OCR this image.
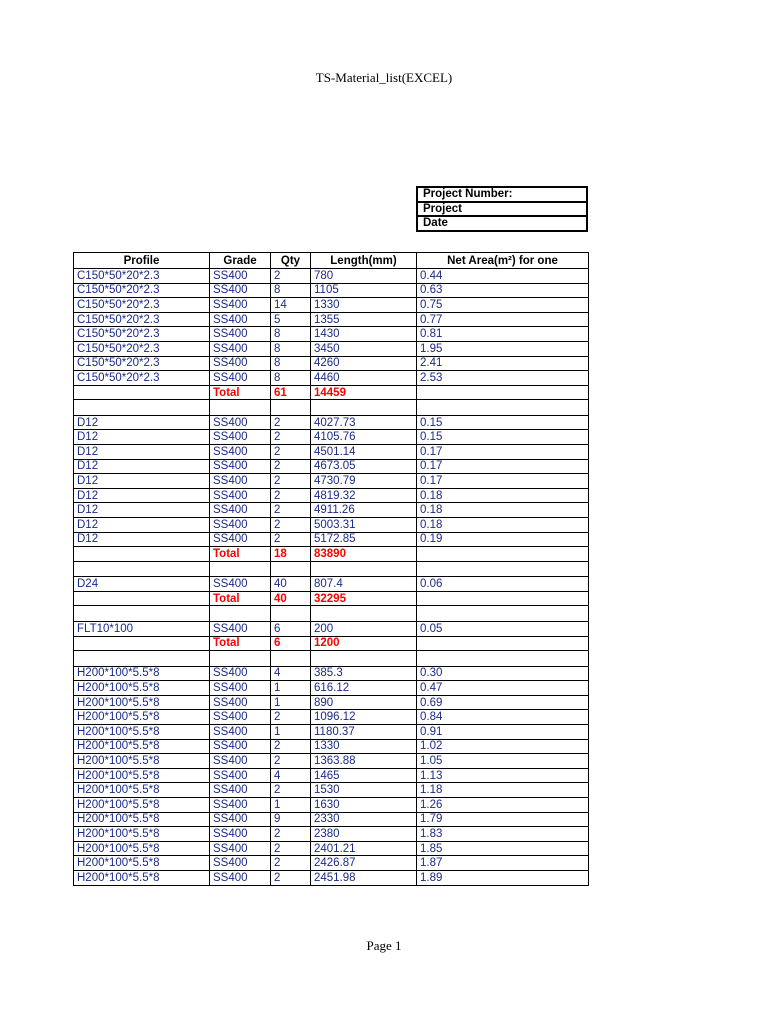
TS-Material_list(EXCEL)
Project Number:
Project
Date
Profile	Grade	Qty	Length(mm)	Net Area(m²) for one
C150*50*20*2.3	SS400	2	780	0.44
C150*50*20*2.3	SS400	8	1105	0.63
C150*50*20*2.3	SS400	14	1330	0.75
C150*50*20*2.3	SS400	5	1355	0.77
C150*50*20*2.3	SS400	8	1430	0.81
C150*50*20*2.3	SS400	8	3450	1.95
C150*50*20*2.3	SS400	8	4260	2.41
C150*50*20*2.3	SS400	8	4460	2.53
	Total	61	14459	

D12	SS400	2	4027.73	0.15
D12	SS400	2	4105.76	0.15
D12	SS400	2	4501.14	0.17
D12	SS400	2	4673.05	0.17
D12	SS400	2	4730.79	0.17
D12	SS400	2	4819.32	0.18
D12	SS400	2	4911.26	0.18
D12	SS400	2	5003.31	0.18
D12	SS400	2	5172.85	0.19
	Total	18	83890	

D24	SS400	40	807.4	0.06
	Total	40	32295	

FLT10*100	SS400	6	200	0.05
	Total	6	1200	

H200*100*5.5*8	SS400	4	385.3	0.30
H200*100*5.5*8	SS400	1	616.12	0.47
H200*100*5.5*8	SS400	1	890	0.69
H200*100*5.5*8	SS400	2	1096.12	0.84
H200*100*5.5*8	SS400	1	1180.37	0.91
H200*100*5.5*8	SS400	2	1330	1.02
H200*100*5.5*8	SS400	2	1363.88	1.05
H200*100*5.5*8	SS400	4	1465	1.13
H200*100*5.5*8	SS400	2	1530	1.18
H200*100*5.5*8	SS400	1	1630	1.26
H200*100*5.5*8	SS400	9	2330	1.79
H200*100*5.5*8	SS400	2	2380	1.83
H200*100*5.5*8	SS400	2	2401.21	1.85
H200*100*5.5*8	SS400	2	2426.87	1.87
H200*100*5.5*8	SS400	2	2451.98	1.89
Page 1
